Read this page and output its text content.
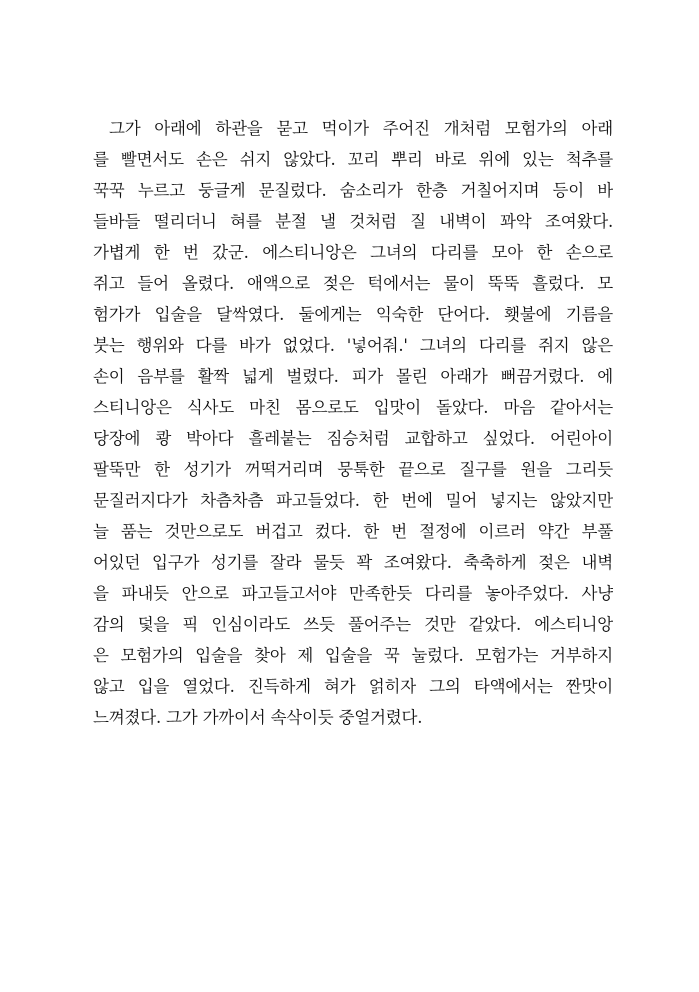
그가 아래에 하관을 묻고 먹이가 주어진 개처럼 모험가의 아래
를 빨면서도 손은 쉬지 않았다. 꼬리 뿌리 바로 위에 있는 척추를
꾹꾹 누르고 둥글게 문질렀다. 숨소리가 한층 거칠어지며 등이 바
들바들 떨리더니 혀를 분절 낼 것처럼 질 내벽이 꽈악 조여왔다.
가볍게 한 번 갔군. 에스티니앙은 그녀의 다리를 모아 한 손으로
쥐고 들어 올렸다. 애액으로 젖은 턱에서는 물이 뚝뚝 흘렀다. 모
험가가 입술을 달싹였다. 둘에게는 익숙한 단어다. 횃불에 기름을
붓는 행위와 다를 바가 없었다. '넣어줘.' 그녀의 다리를 쥐지 않은
손이 음부를 활짝 넓게 벌렸다. 피가 몰린 아래가 뻐끔거렸다. 에
스티니앙은 식사도 마친 몸으로도 입맛이 돌았다. 마음 같아서는
당장에 쾅 박아다 흘레붙는 짐승처럼 교합하고 싶었다. 어린아이
팔뚝만 한 성기가 꺼떡거리며 뭉툭한 끝으로 질구를 원을 그리듯
문질러지다가 차츰차츰 파고들었다. 한 번에 밀어 넣지는 않았지만
늘 품는 것만으로도 버겁고 컸다. 한 번 절정에 이르러 약간 부풀
어있던 입구가 성기를 잘라 물듯 꽉 조여왔다. 축축하게 젖은 내벽
을 파내듯 안으로 파고들고서야 만족한듯 다리를 놓아주었다. 사냥
감의 덫을 픽 인심이라도 쓰듯 풀어주는 것만 같았다. 에스티니앙
은 모험가의 입술을 찾아 제 입술을 꾹 눌렀다. 모험가는 거부하지
않고 입을 열었다. 진득하게 혀가 얽히자 그의 타액에서는 짠맛이
느껴졌다. 그가 가까이서 속삭이듯 중얼거렸다.
